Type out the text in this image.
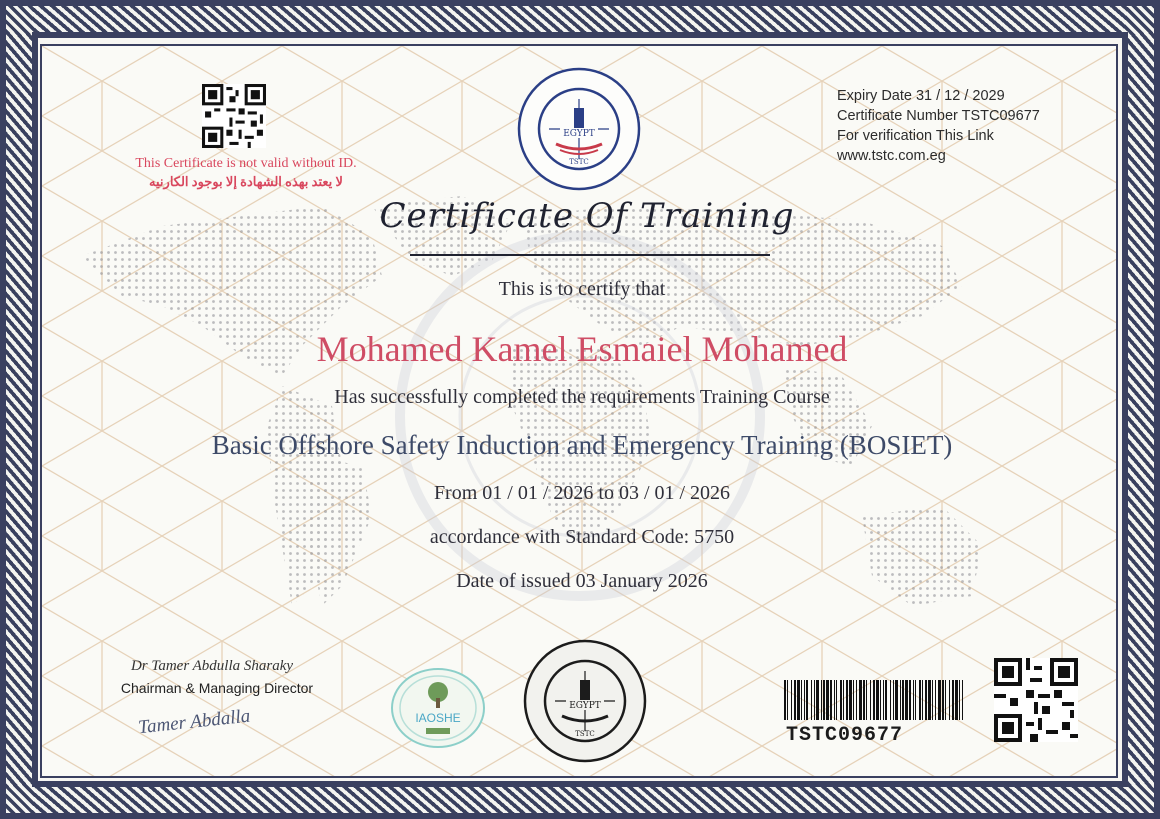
This Certificate is not valid without ID.
لا يعتد بهذه الشهادة إلا بوجود الكارنيه
EGYPT
TSTC
Expiry Date 31 / 12 / 2029
Certificate Number TSTC09677
For verification This Link
www.tstc.com.eg
Certificate Of Training
This is to certify that
Mohamed Kamel Esmaiel Mohamed
Has successfully completed the requirements Training Course
Basic Offshore Safety Induction and Emergency Training (BOSIET)
From 01 / 01 / 2026 to 03 / 01 / 2026
accordance with Standard Code: 5750
Date of issued 03 January 2026
Dr Tamer Abdulla Sharaky
Chairman & Managing Director
Tamer Abdalla	IAOSHE
EGYPT
TSTC	TSTC09677
